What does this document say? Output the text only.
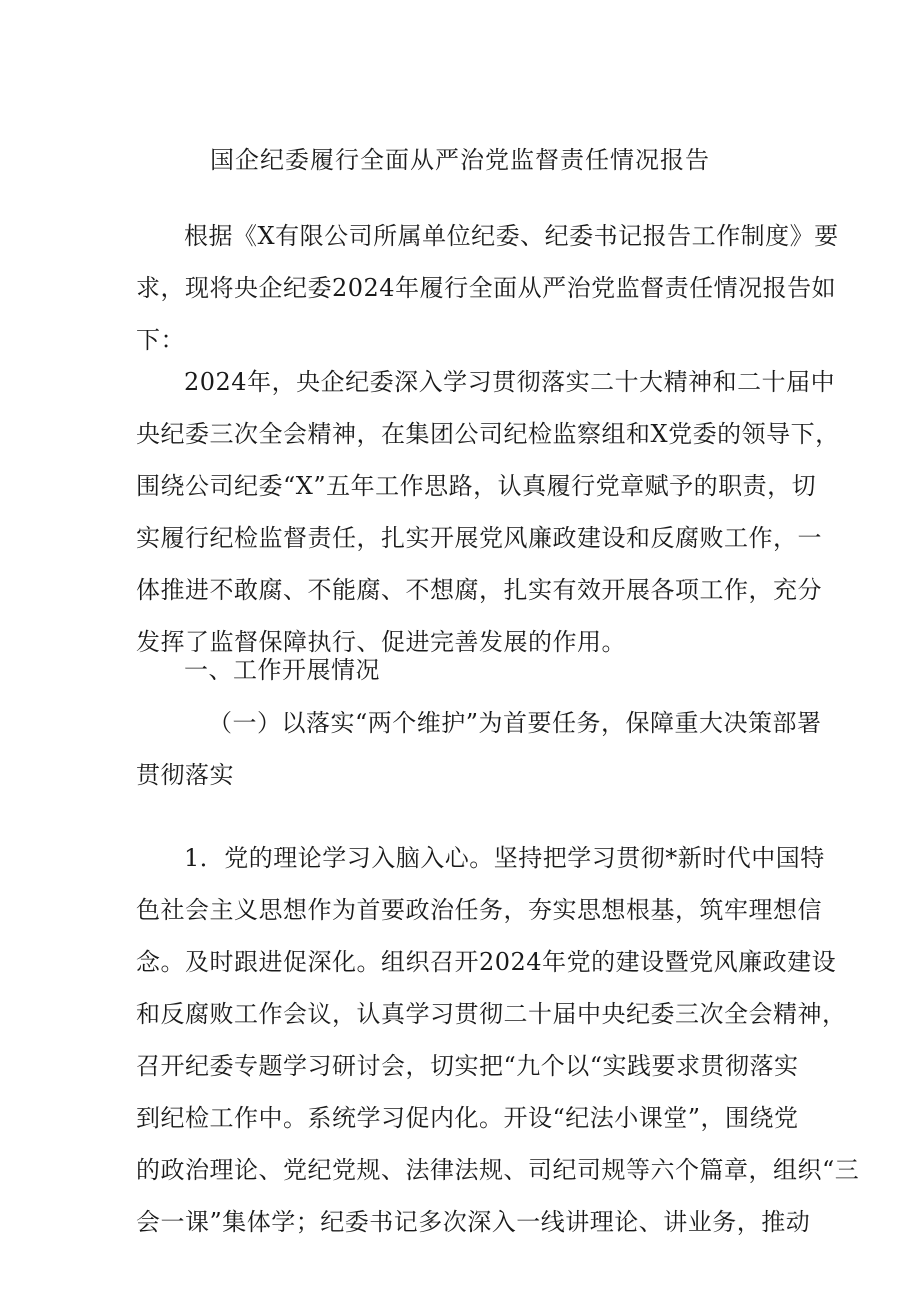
国企纪委履行全面从严治党监督责任情况报告
根据《X有限公司所属单位纪委、纪委书记报告工作制度》要
求，现将央企纪委2024年履行全面从严治党监督责任情况报告如
下：
2024年，央企纪委深入学习贯彻落实二十大精神和二十届中
央纪委三次全会精神，在集团公司纪检监察组和X党委的领导下，
围绕公司纪委“X”五年工作思路，认真履行党章赋予的职责，切
实履行纪检监督责任，扎实开展党风廉政建设和反腐败工作，一
体推进不敢腐、不能腐、不想腐，扎实有效开展各项工作，充分
发挥了监督保障执行、促进完善发展的作用。
一、工作开展情况
（一）以落实“两个维护”为首要任务，保障重大决策部署
贯彻落实
1．党的理论学习入脑入心。坚持把学习贯彻*新时代中国特
色社会主义思想作为首要政治任务，夯实思想根基，筑牢理想信
念。及时跟进促深化。组织召开2024年党的建设暨党风廉政建设
和反腐败工作会议，认真学习贯彻二十届中央纪委三次全会精神，
召开纪委专题学习研讨会，切实把“九个以“实践要求贯彻落实
到纪检工作中。系统学习促内化。开设“纪法小课堂”，围绕党
的政治理论、党纪党规、法律法规、司纪司规等六个篇章，组织“三
会一课”集体学；纪委书记多次深入一线讲理论、讲业务，推动
